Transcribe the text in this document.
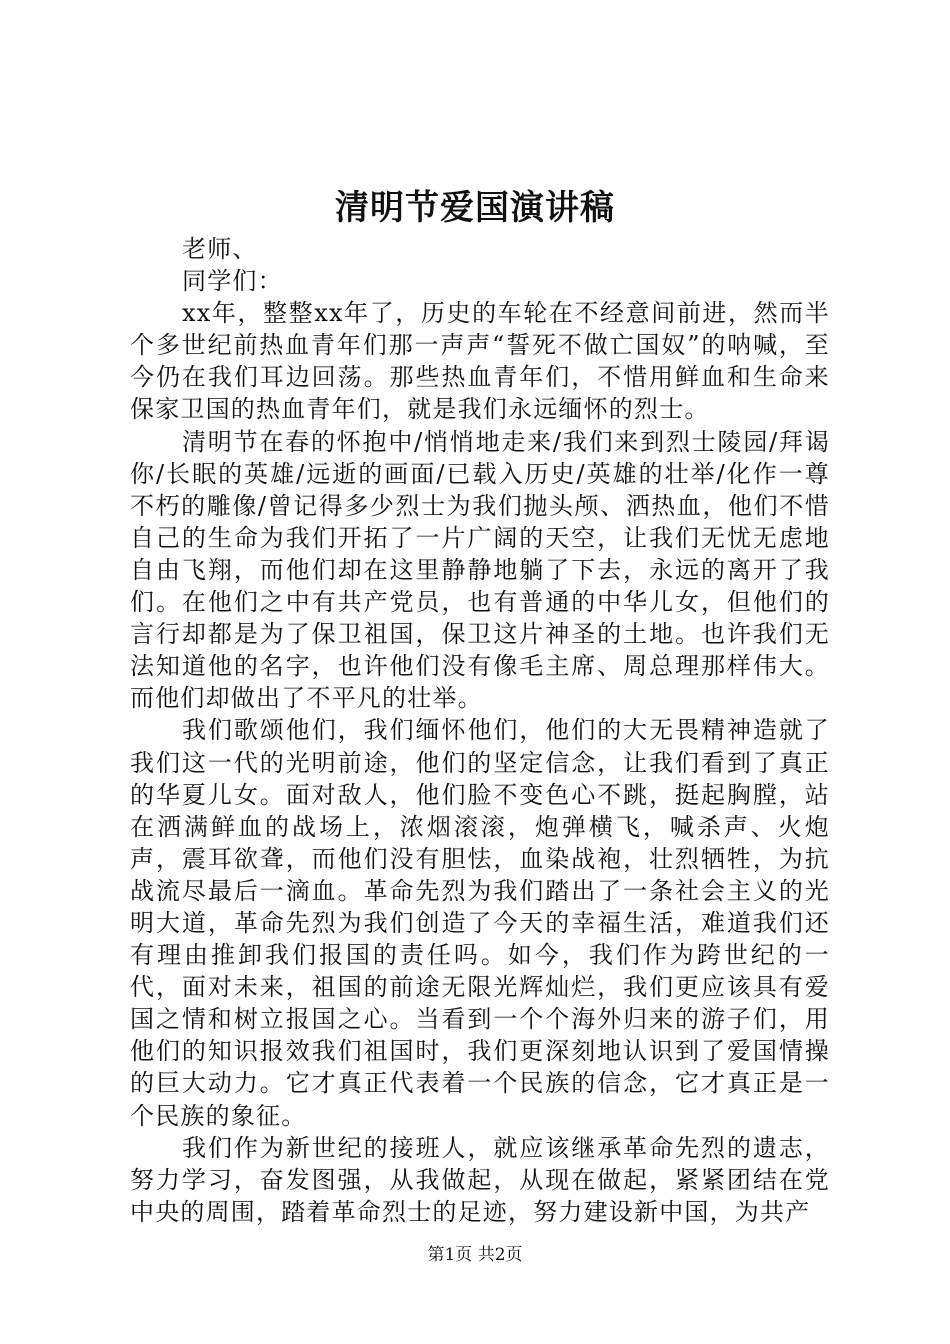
清明节爱国演讲稿

老师、

同学们：

xx年，整整xx年了，历史的车轮在不经意间前进，然而半个多世纪前热血青年们那一声声“誓死不做亡国奴”的呐喊，至今仍在我们耳边回荡。那些热血青年们，不惜用鲜血和生命来保家卫国的热血青年们，就是我们永远缅怀的烈士。

清明节在春的怀抱中/悄悄地走来/我们来到烈士陵园/拜谒你/长眠的英雄/远逝的画面/已载入历史/英雄的壮举/化作一尊不朽的雕像/曾记得多少烈士为我们抛头颅、洒热血，他们不惜自己的生命为我们开拓了一片广阔的天空，让我们无忧无虑地自由飞翔，而他们却在这里静静地躺了下去，永远的离开了我们。在他们之中有共产党员，也有普通的中华儿女，但他们的言行却都是为了保卫祖国，保卫这片神圣的土地。也许我们无法知道他的名字，也许他们没有像毛主席、周总理那样伟大。而他们却做出了不平凡的壮举。

我们歌颂他们，我们缅怀他们，他们的大无畏精神造就了我们这一代的光明前途，他们的坚定信念，让我们看到了真正的华夏儿女。面对敌人，他们脸不变色心不跳，挺起胸膛，站在洒满鲜血的战场上，浓烟滚滚，炮弹横飞，喊杀声、火炮声，震耳欲聋，而他们没有胆怯，血染战袍，壮烈牺牲，为抗战流尽最后一滴血。革命先烈为我们踏出了一条社会主义的光明大道，革命先烈为我们创造了今天的幸福生活，难道我们还有理由推卸我们报国的责任吗。如今，我们作为跨世纪的一代，面对未来，祖国的前途无限光辉灿烂，我们更应该具有爱国之情和树立报国之心。当看到一个个海外归来的游子们，用他们的知识报效我们祖国时，我们更深刻地认识到了爱国情操的巨大动力。它才真正代表着一个民族的信念，它才真正是一个民族的象征。

我们作为新世纪的接班人，就应该继承革命先烈的遗志，努力学习，奋发图强，从我做起，从现在做起，紧紧团结在党中央的周围，踏着革命烈士的足迹，努力建设新中国，为共产

第1页 共2页
